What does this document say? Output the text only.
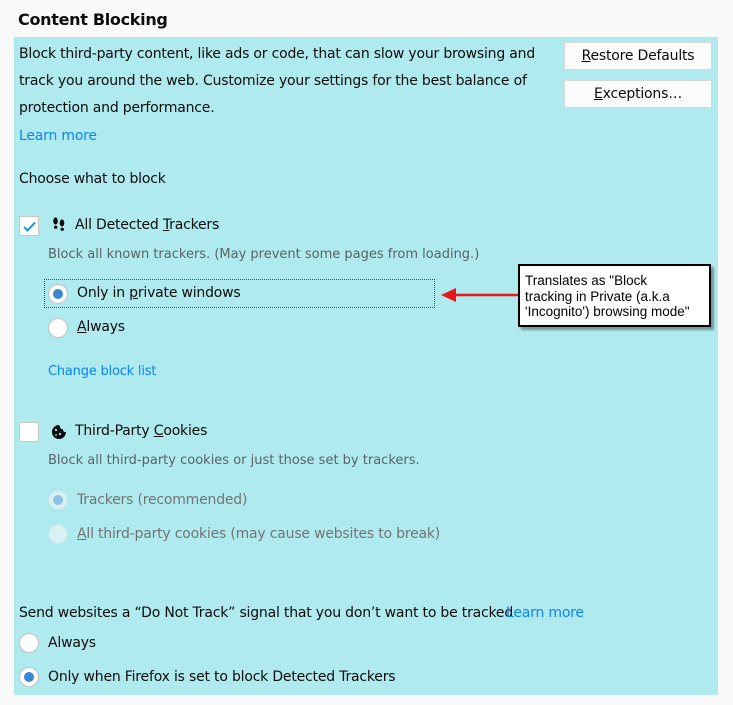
Content Blocking
Block third-party content, like ads or code, that can slow your browsing and track you around the web. Customize your settings for the best balance of protection and performance.
Restore Defaults
Exceptions…
Learn more
Choose what to block
All Detected Trackers
Block all known trackers. (May prevent some pages from loading.)
Only in private windows
Always
Change block list
Third-Party Cookies
Block all third-party cookies or just those set by trackers.
Trackers (recommended)
All third-party cookies (may cause websites to break)
Send websites a “Do Not Track” signal that you don’t want to be tracked
Learn more
Always
Only when Firefox is set to block Detected Trackers
Translates as "Block
tracking in Private (a.k.a
'Incognito') browsing mode"
